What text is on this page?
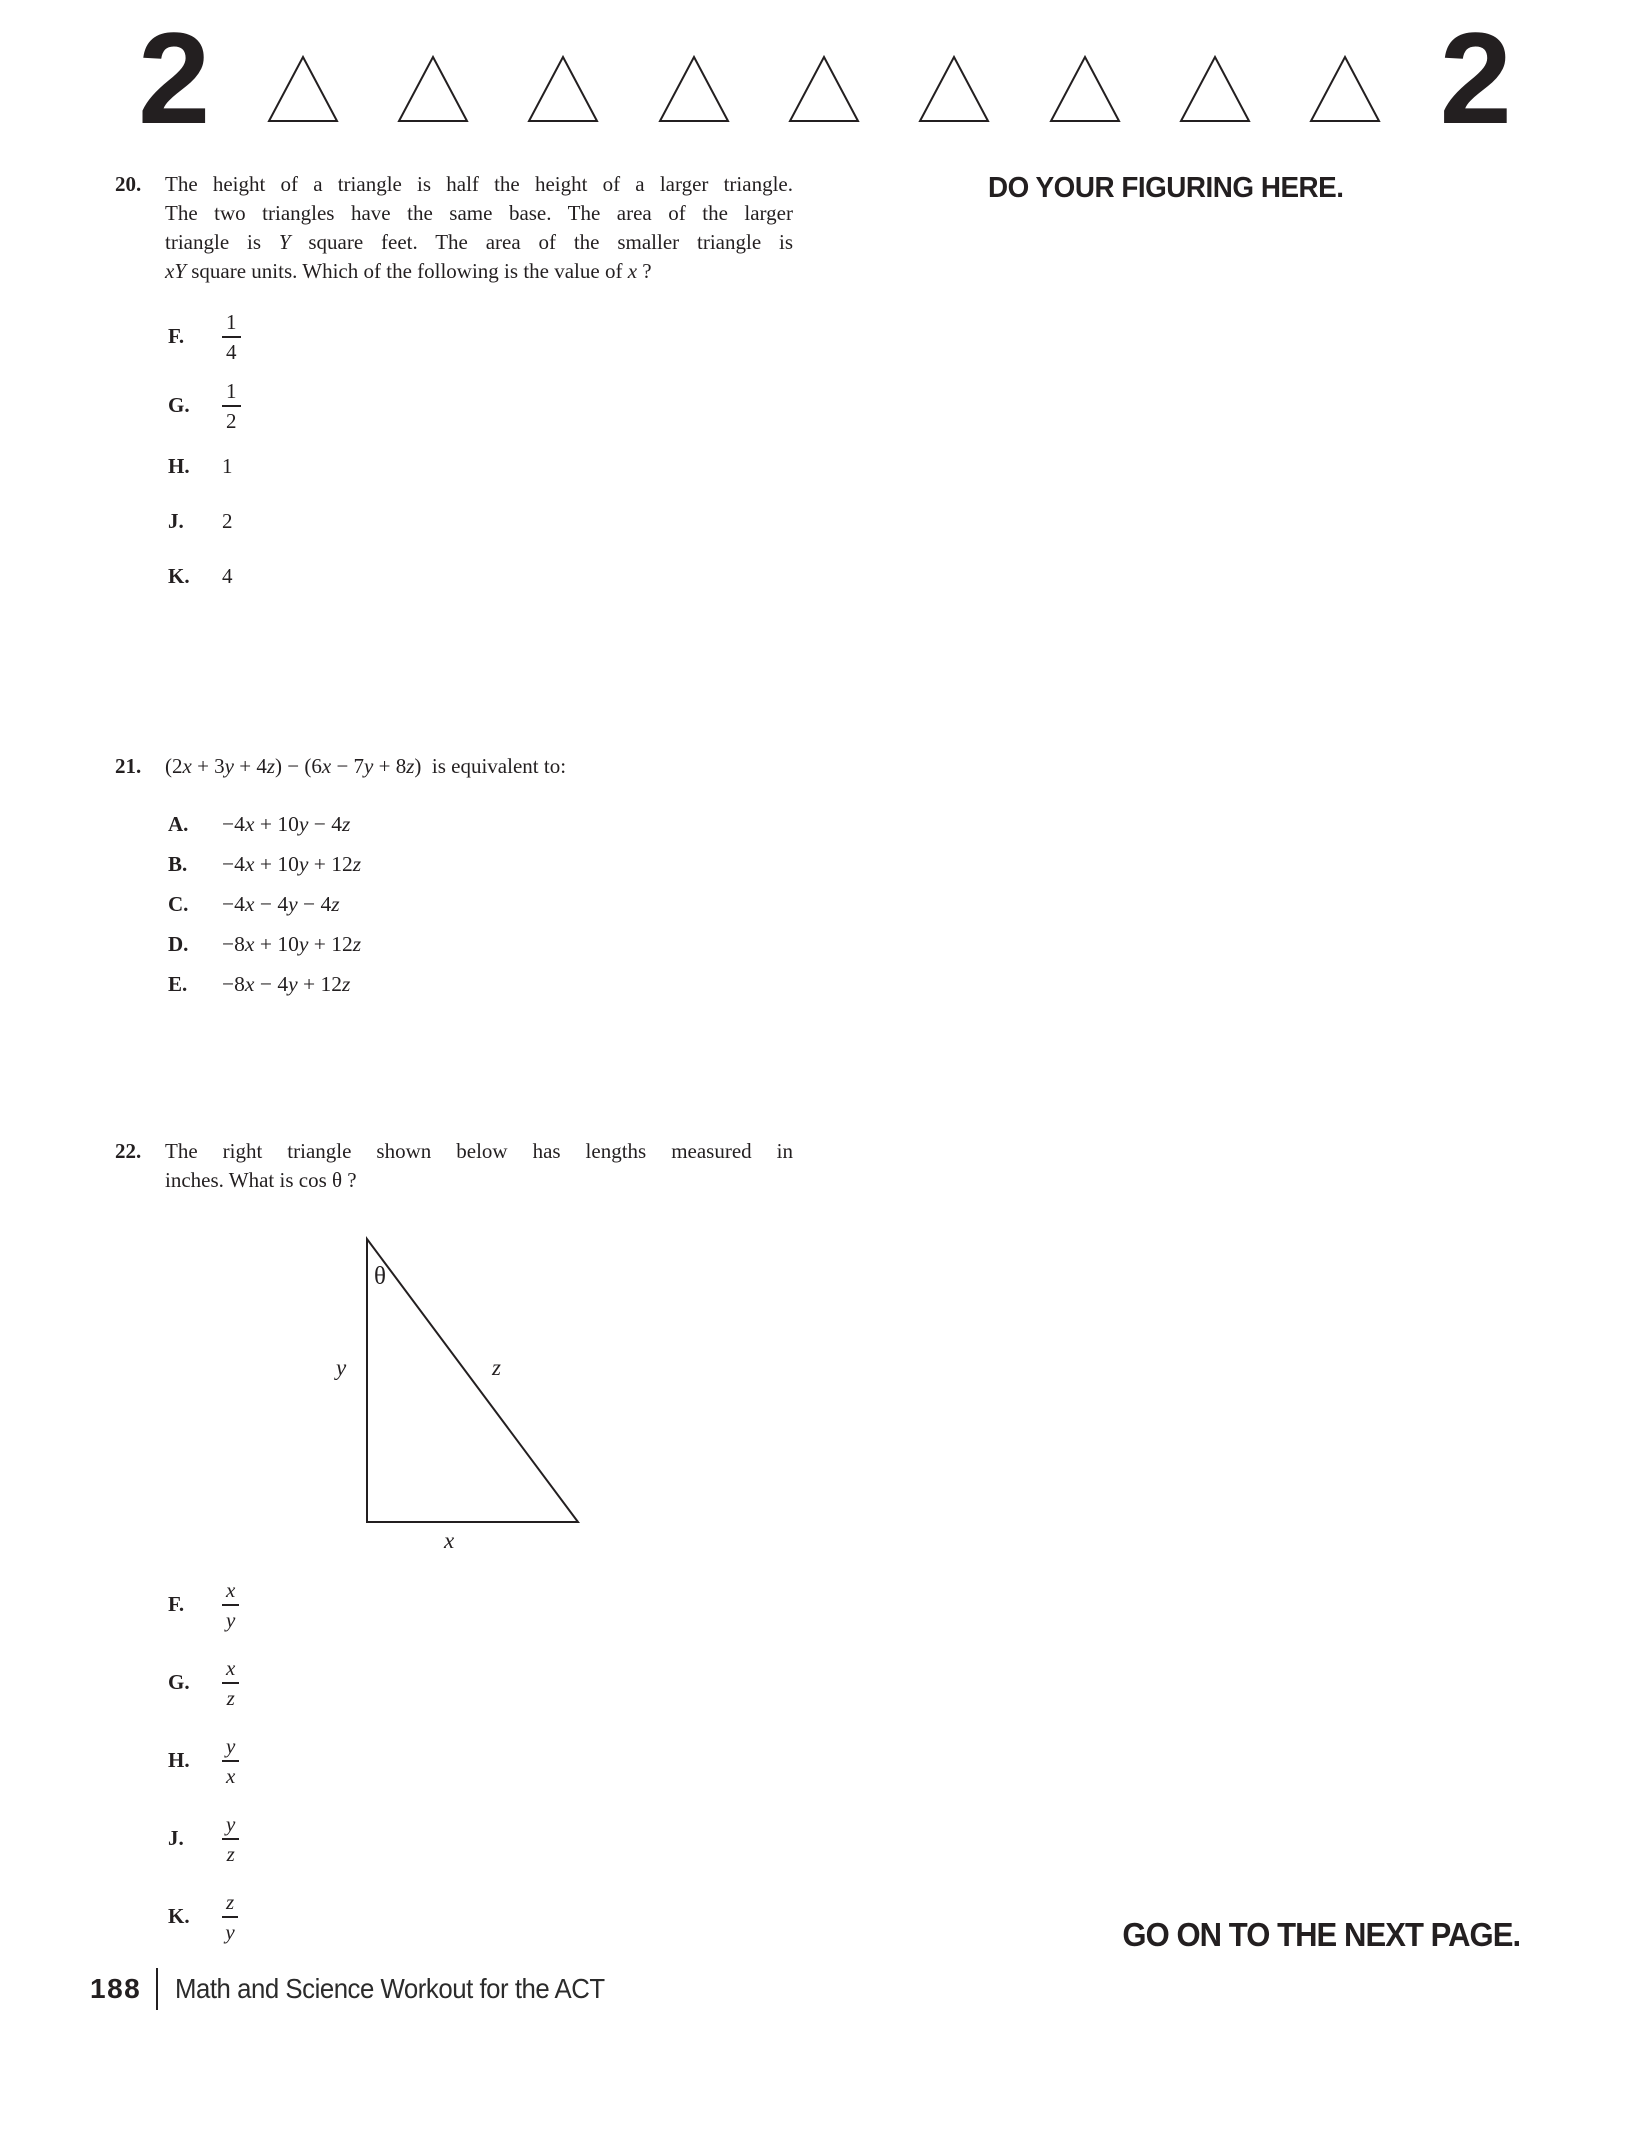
2	2
DO YOUR FIGURING HERE.
20.	The height of a triangle is half the height of a larger triangle.
The two triangles have the same base. The area of the larger
triangle is Y square feet. The area of the smaller triangle is
xY square units. Which of the following is the value of x ?
F.	$\frac{1}{4}$
G.	$\frac{1}{2}$
H.	1
J.	2
K.	4
21.	(2x + 3y + 4z) − (6x − 7y + 8z)  is equivalent to:
A.	−4x + 10y − 4z
B.	−4x + 10y + 12z
C.	−4x − 4y − 4z
D.	−8x + 10y + 12z
E.	−8x − 4y + 12z
22.	The right triangle shown below has lengths measured in
inches. What is cos θ ?
θ
y	z
x
F.	$\frac{x}{y}$
G.	$\frac{x}{z}$
H.	$\frac{y}{x}$
J.	$\frac{y}{z}$
K.	$\frac{z}{y}$	GO ON TO THE NEXT PAGE.
188 Math and Science Workout for the ACT
